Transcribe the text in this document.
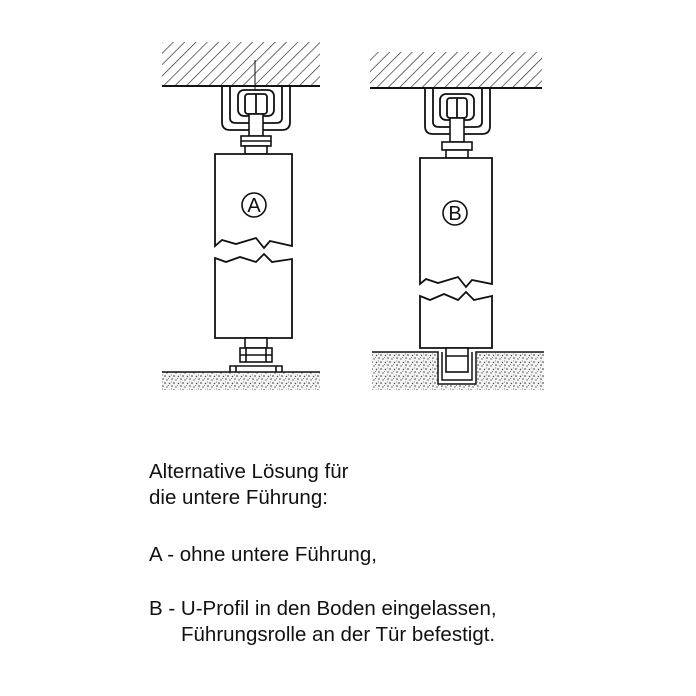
A	B
Alternative Lösung für
die untere Führung:
A - ohne untere Führung,
B - U-Profil in den Boden eingelassen,
Führungsrolle an der Tür befestigt.
